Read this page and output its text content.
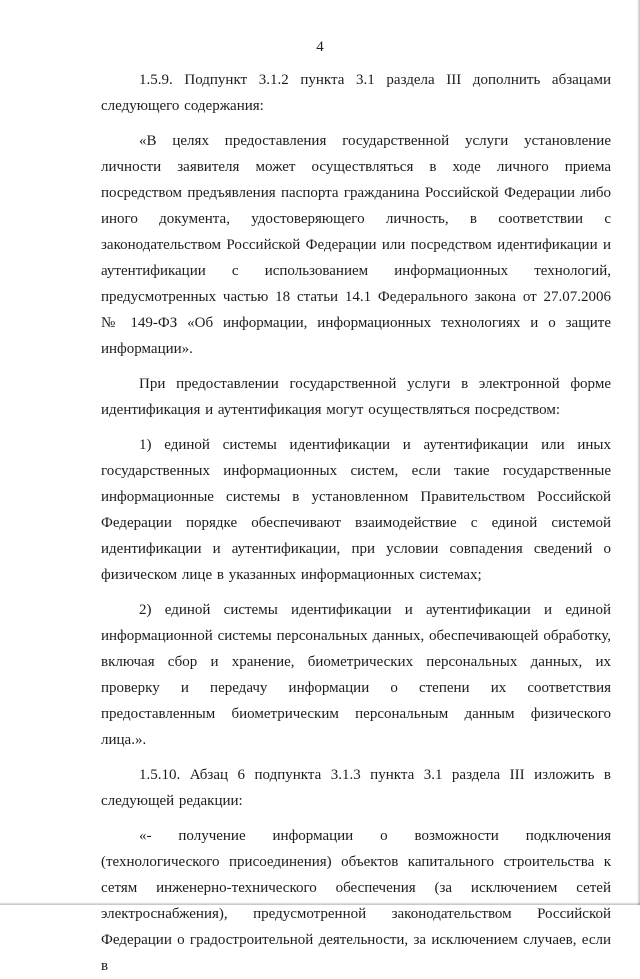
4

1.5.9. Подпункт 3.1.2 пункта 3.1 раздела III дополнить абзацами следующего содержания:

«В целях предоставления государственной услуги установление личности заявителя может осуществляться в ходе личного приема посредством предъявления паспорта гражданина Российской Федерации либо иного документа, удостоверяющего личность, в соответствии с законодательством Российской Федерации или посредством идентификации и аутентификации с использованием информационных технологий, предусмотренных частью 18 статьи 14.1 Федерального закона от 27.07.2006 № 149-ФЗ «Об информации, информационных технологиях и о защите информации».

При предоставлении государственной услуги в электронной форме идентификация и аутентификация могут осуществляться посредством:

1) единой системы идентификации и аутентификации или иных государственных информационных систем, если такие государственные информационные системы в установленном Правительством Российской Федерации порядке обеспечивают взаимодействие с единой системой идентификации и аутентификации, при условии совпадения сведений о физическом лице в указанных информационных системах;

2) единой системы идентификации и аутентификации и единой информационной системы персональных данных, обеспечивающей обработку, включая сбор и хранение, биометрических персональных данных, их проверку и передачу информации о степени их соответствия предоставленным биометрическим персональным данным физического лица.».

1.5.10. Абзац 6 подпункта 3.1.3 пункта 3.1 раздела III изложить в следующей редакции:

«- получение информации о возможности подключения (технологического присоединения) объектов капитального строительства к сетям инженерно-технического обеспечения (за исключением сетей электроснабжения), предусмотренной законодательством Российской Федерации о градостроительной деятельности, за исключением случаев, если в
